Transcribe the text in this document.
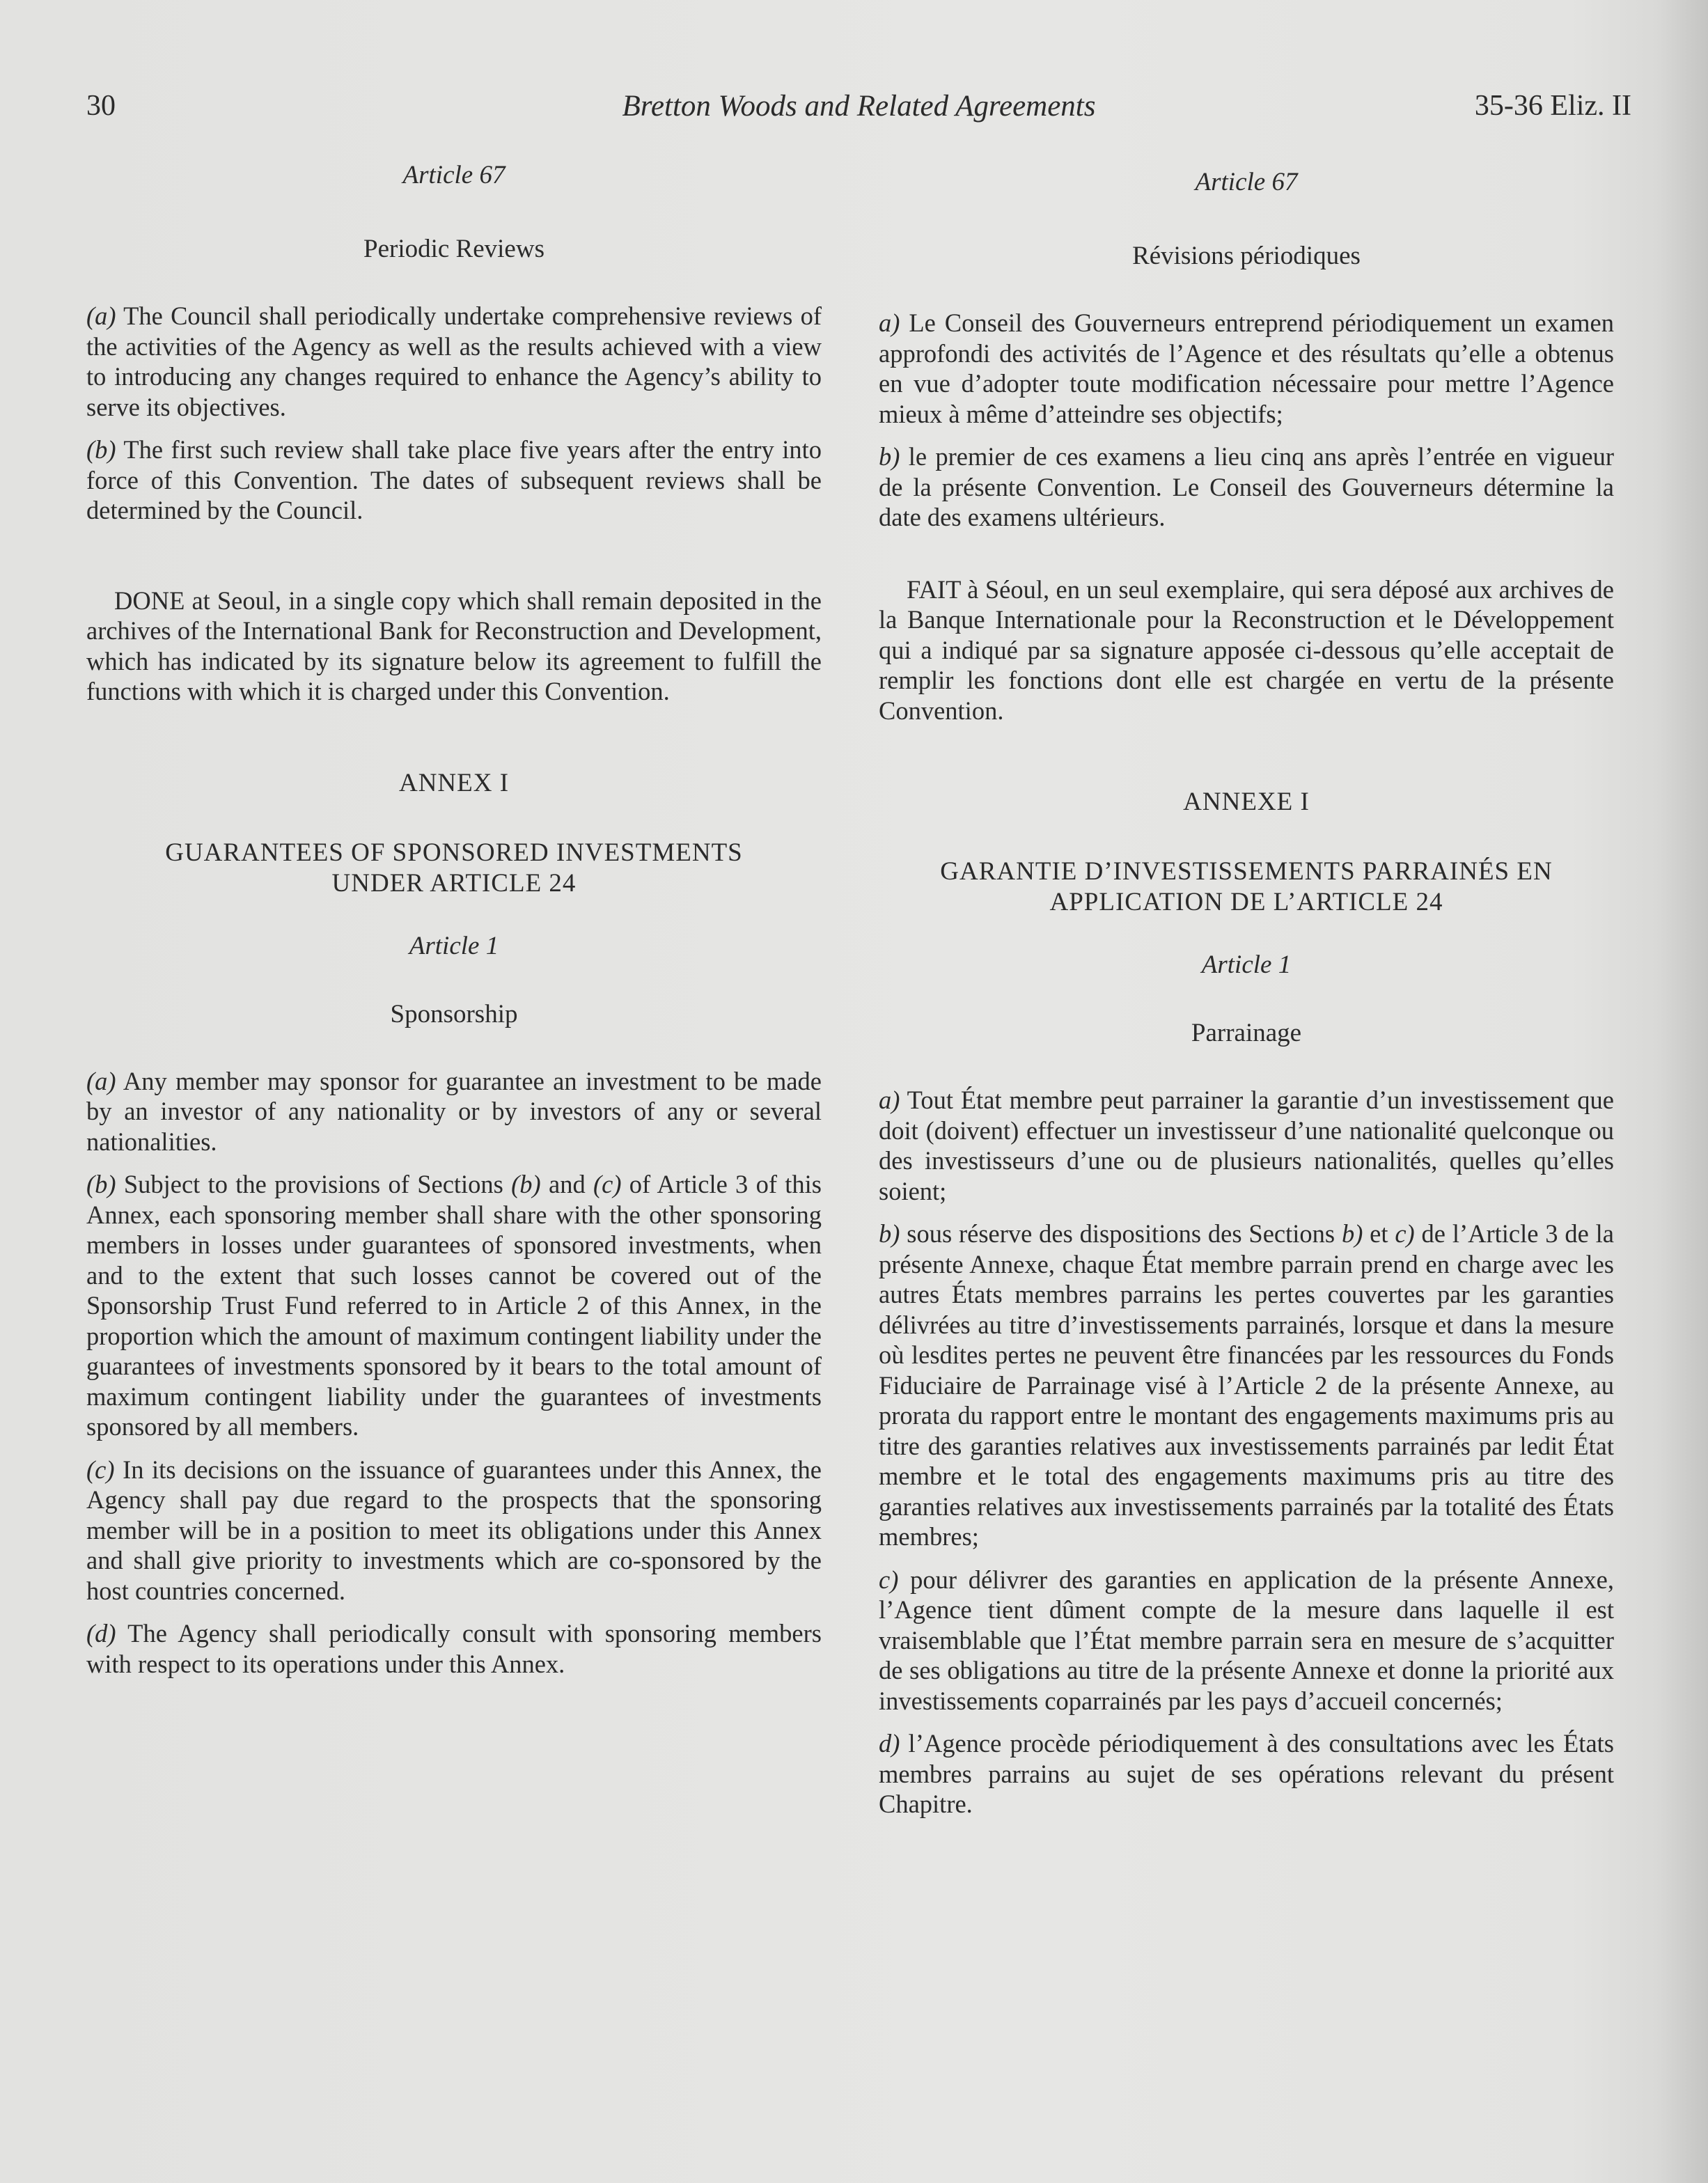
30	Bretton Woods and Related Agreements	35-36 Eliz. II
Article 67
Periodic Reviews

(a) The Council shall periodically undertake comprehensive reviews of the activities of the Agency as well as the results achieved with a view to introducing any changes required to enhance the Agency’s ability to serve its objectives.

(b) The first such review shall take place five years after the entry into force of this Convention. The dates of subsequent reviews shall be determined by the Council.

DONE at Seoul, in a single copy which shall remain deposited in the archives of the International Bank for Reconstruction and Development, which has indicated by its signature below its agreement to fulfill the functions with which it is charged under this Convention.

ANNEX I
GUARANTEES OF SPONSORED INVESTMENTS
UNDER ARTICLE 24
Article 1
Sponsorship

(a) Any member may sponsor for guarantee an investment to be made by an investor of any nationality or by investors of any or several nationalities.

(b) Subject to the provisions of Sections (b) and (c) of Article 3 of this Annex, each sponsoring member shall share with the other sponsoring members in losses under guarantees of sponsored investments, when and to the extent that such losses cannot be covered out of the Sponsorship Trust Fund referred to in Article 2 of this Annex, in the proportion which the amount of maximum contingent liability under the guarantees of investments sponsored by it bears to the total amount of maximum contingent liability under the guarantees of investments sponsored by all members.

(c) In its decisions on the issuance of guarantees under this Annex, the Agency shall pay due regard to the prospects that the sponsoring member will be in a position to meet its obligations under this Annex and shall give priority to investments which are co-sponsored by the host countries concerned.

(d) The Agency shall periodically consult with sponsoring members with respect to its operations under this Annex.

Article 67
Révisions périodiques

a) Le Conseil des Gouverneurs entreprend périodiquement un examen approfondi des activités de l’Agence et des résultats qu’elle a obtenus en vue d’adopter toute modification nécessaire pour mettre l’Agence mieux à même d’atteindre ses objectifs;

b) le premier de ces examens a lieu cinq ans après l’entrée en vigueur de la présente Convention. Le Conseil des Gouverneurs détermine la date des examens ultérieurs.

FAIT à Séoul, en un seul exemplaire, qui sera déposé aux archives de la Banque Internationale pour la Reconstruction et le Développement qui a indiqué par sa signature apposée ci-dessous qu’elle acceptait de remplir les fonctions dont elle est chargée en vertu de la présente Convention.

ANNEXE I
GARANTIE D’INVESTISSEMENTS PARRAINÉS EN
APPLICATION DE L’ARTICLE 24
Article 1
Parrainage

a) Tout État membre peut parrainer la garantie d’un investissement que doit (doivent) effectuer un investisseur d’une nationalité quelconque ou des investisseurs d’une ou de plusieurs nationalités, quelles qu’elles soient;

b) sous réserve des dispositions des Sections b) et c) de l’Article 3 de la présente Annexe, chaque État membre parrain prend en charge avec les autres États membres parrains les pertes couvertes par les garanties délivrées au titre d’investissements parrainés, lorsque et dans la mesure où lesdites pertes ne peuvent être financées par les ressources du Fonds Fiduciaire de Parrainage visé à l’Article 2 de la présente Annexe, au prorata du rapport entre le montant des engagements maximums pris au titre des garanties relatives aux investissements parrainés par ledit État membre et le total des engagements maximums pris au titre des garanties relatives aux investissements parrainés par la totalité des États membres;

c) pour délivrer des garanties en application de la présente Annexe, l’Agence tient dûment compte de la mesure dans laquelle il est vraisemblable que l’État membre parrain sera en mesure de s’acquitter de ses obligations au titre de la présente Annexe et donne la priorité aux investissements coparrainés par les pays d’accueil concernés;

d) l’Agence procède périodiquement à des consultations avec les États membres parrains au sujet de ses opérations relevant du présent Chapitre.
